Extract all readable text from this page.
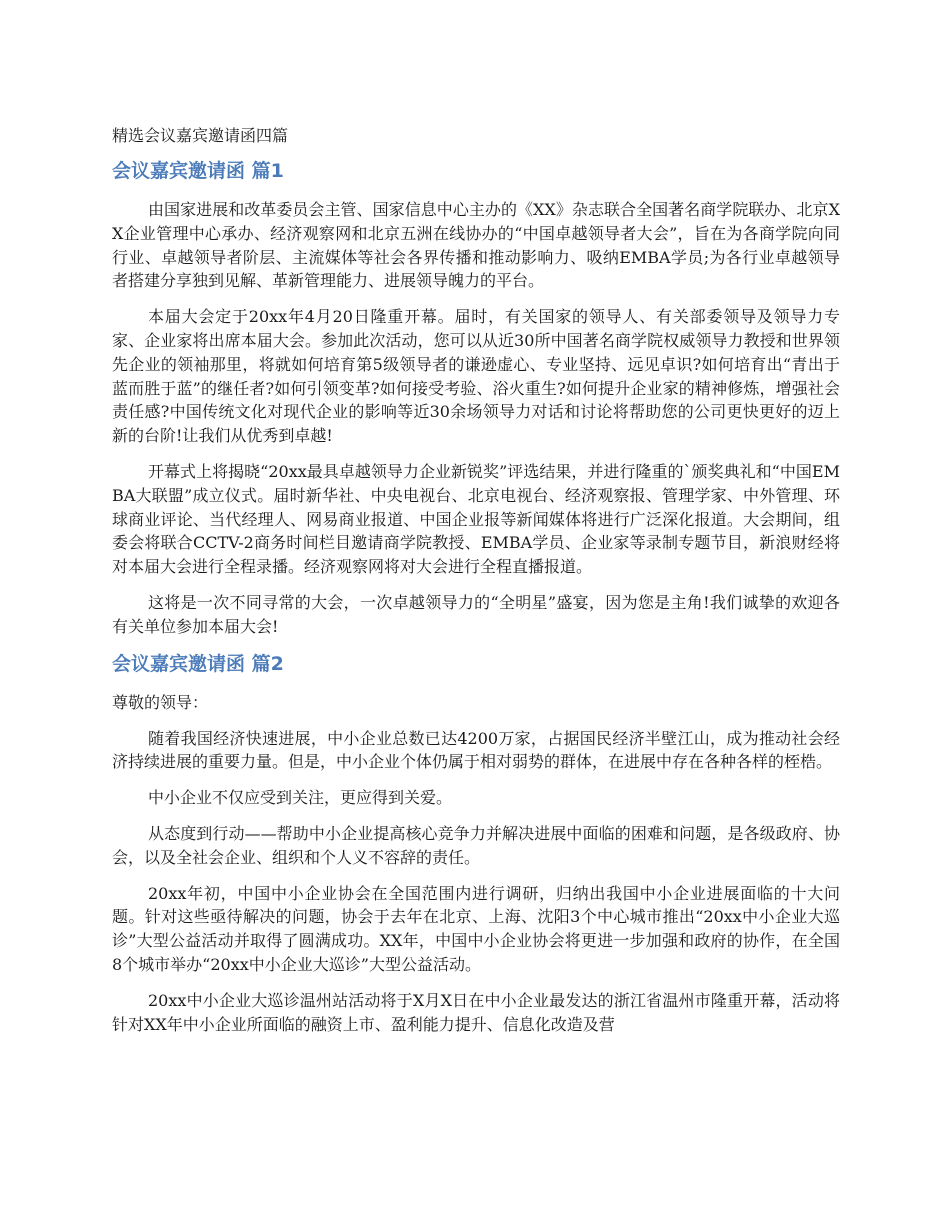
精选会议嘉宾邀请函四篇
会议嘉宾邀请函 篇1

由国家进展和改革委员会主管、国家信息中心主办的《XX》杂志联合全国著名商学院联办、北京XX企业管理中心承办、经济观察网和北京五洲在线协办的“中国卓越领导者大会”，旨在为各商学院向同行业、卓越领导者阶层、主流媒体等社会各界传播和推动影响力、吸纳EMBA学员;为各行业卓越领导者搭建分享独到见解、革新管理能力、进展领导魄力的平台。

本届大会定于20xx年4月20日隆重开幕。届时，有关国家的领导人、有关部委领导及领导力专家、企业家将出席本届大会。参加此次活动，您可以从近30所中国著名商学院权威领导力教授和世界领先企业的领袖那里，将就如何培育第5级领导者的谦逊虚心、专业坚持、远见卓识?如何培育出“青出于蓝而胜于蓝”的继任者?如何引领变革?如何接受考验、浴火重生?如何提升企业家的精神修炼，增强社会责任感?中国传统文化对现代企业的影响等近30余场领导力对话和讨论将帮助您的公司更快更好的迈上新的台阶!让我们从优秀到卓越!

开幕式上将揭晓“20xx最具卓越领导力企业新锐奖”评选结果，并进行隆重的`颁奖典礼和“中国EMBA大联盟”成立仪式。届时新华社、中央电视台、北京电视台、经济观察报、管理学家、中外管理、环球商业评论、当代经理人、网易商业报道、中国企业报等新闻媒体将进行广泛深化报道。大会期间，组委会将联合CCTV-2商务时间栏目邀请商学院教授、EMBA学员、企业家等录制专题节目，新浪财经将对本届大会进行全程录播。经济观察网将对大会进行全程直播报道。

这将是一次不同寻常的大会，一次卓越领导力的“全明星”盛宴，因为您是主角!我们诚挚的欢迎各有关单位参加本届大会!

会议嘉宾邀请函 篇2
尊敬的领导：

随着我国经济快速进展，中小企业总数已达4200万家，占据国民经济半壁江山，成为推动社会经济持续进展的重要力量。但是，中小企业个体仍属于相对弱势的群体，在进展中存在各种各样的桎梏。

中小企业不仅应受到关注，更应得到关爱。

从态度到行动——帮助中小企业提高核心竞争力并解决进展中面临的困难和问题，是各级政府、协会，以及全社会企业、组织和个人义不容辞的责任。

20xx年初，中国中小企业协会在全国范围内进行调研，归纳出我国中小企业进展面临的十大问题。针对这些亟待解决的问题，协会于去年在北京、上海、沈阳3个中心城市推出“20xx中小企业大巡诊”大型公益活动并取得了圆满成功。XX年，中国中小企业协会将更进一步加强和政府的协作，在全国8个城市举办“20xx中小企业大巡诊”大型公益活动。

20xx中小企业大巡诊温州站活动将于X月X日在中小企业最发达的浙江省温州市隆重开幕，活动将针对XX年中小企业所面临的融资上市、盈利能力提升、信息化改造及营
